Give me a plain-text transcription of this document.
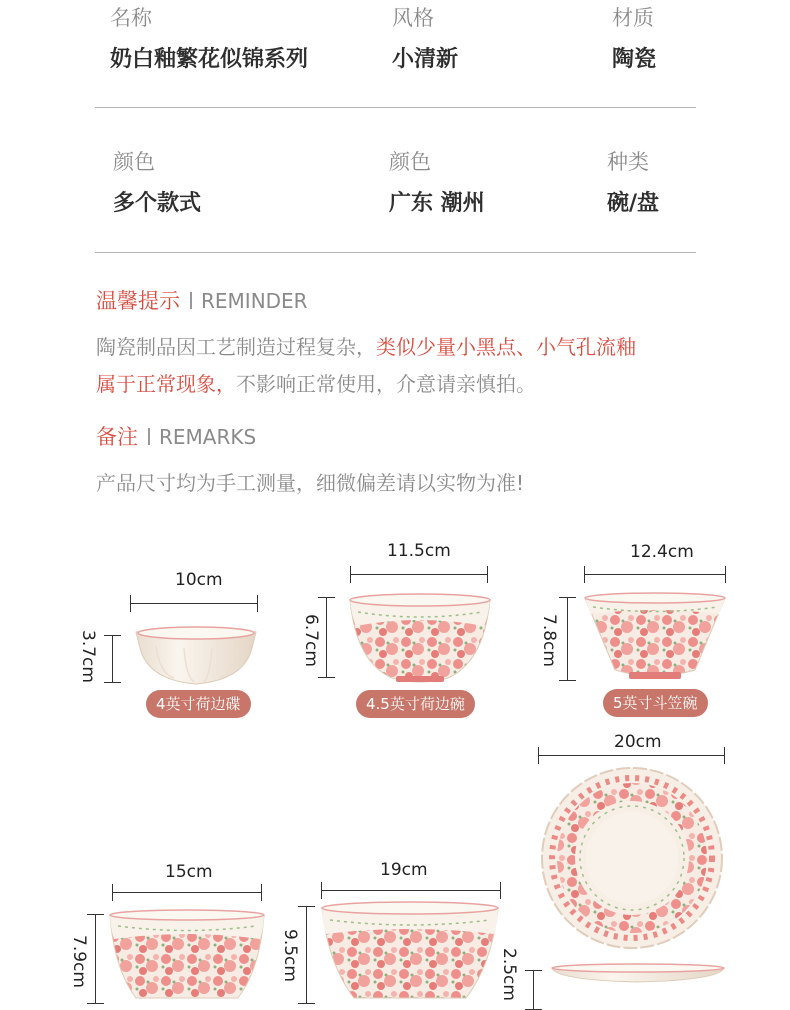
名称	风格	材质
奶白釉繁花似锦系列	小清新	陶瓷
颜色	颜色	种类
多个款式	广东 潮州	碗/盘
温馨提示 REMINDER
陶瓷制品因工艺制造过程复杂，类似少量小黑点、小气孔流釉
属于正常现象，不影响正常使用，介意请亲慎拍。
备注 REMARKS
产品尺寸均为手工测量，细微偏差请以实物为准!
10cm
3.7cm
4英寸荷边碟
11.5cm
6.7cm
4.5英寸荷边碗
12.4cm
7.8cm
5英寸斗笠碗
20cm
2.5cm
15cm
7.9cm
19cm
9.5cm
